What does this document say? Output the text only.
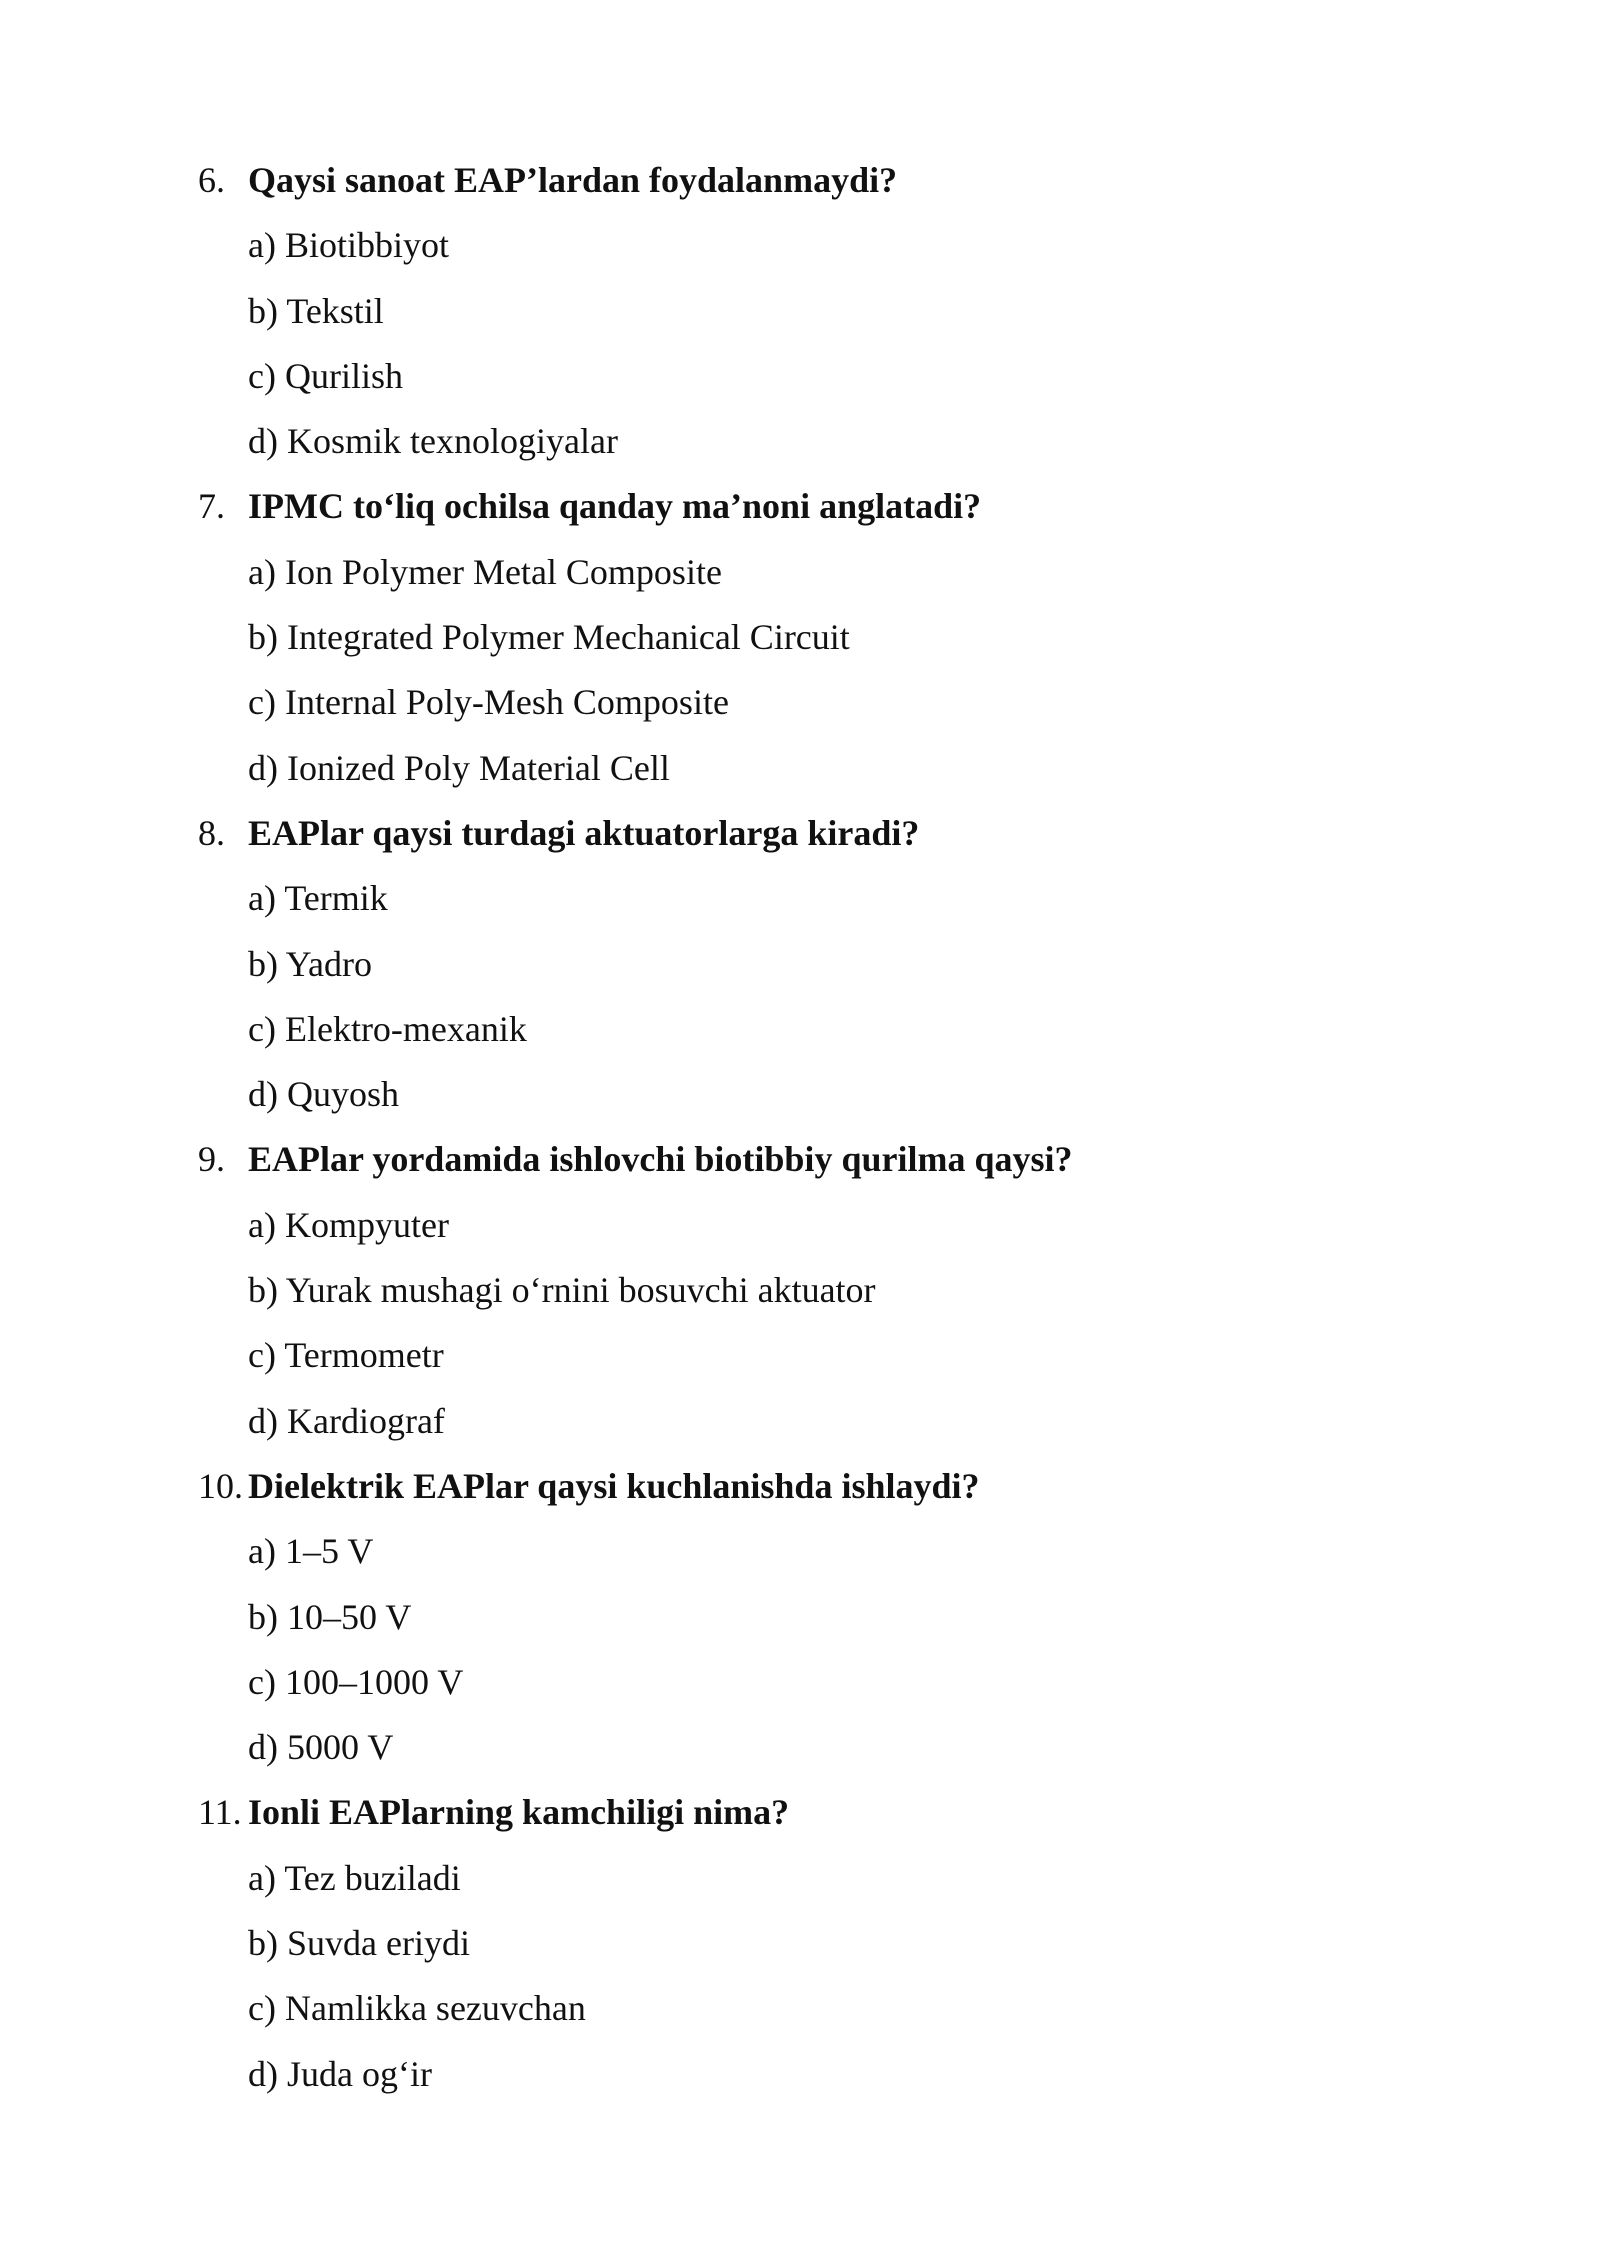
6. Qaysi sanoat EAP’lardan foydalanmaydi?
a) Biotibbiyot
b) Tekstil
c) Qurilish
d) Kosmik texnologiyalar
7. IPMC to‘liq ochilsa qanday ma’noni anglatadi?
a) Ion Polymer Metal Composite
b) Integrated Polymer Mechanical Circuit
c) Internal Poly-Mesh Composite
d) Ionized Poly Material Cell
8. EAPlar qaysi turdagi aktuatorlarga kiradi?
a) Termik
b) Yadro
c) Elektro-mexanik
d) Quyosh
9. EAPlar yordamida ishlovchi biotibbiy qurilma qaysi?
a) Kompyuter
b) Yurak mushagi o‘rnini bosuvchi aktuator
c) Termometr
d) Kardiograf
10. Dielektrik EAPlar qaysi kuchlanishda ishlaydi?
a) 1–5 V
b) 10–50 V
c) 100–1000 V
d) 5000 V
11. Ionli EAPlarning kamchiligi nima?
a) Tez buziladi
b) Suvda eriydi
c) Namlikka sezuvchan
d) Juda og‘ir
